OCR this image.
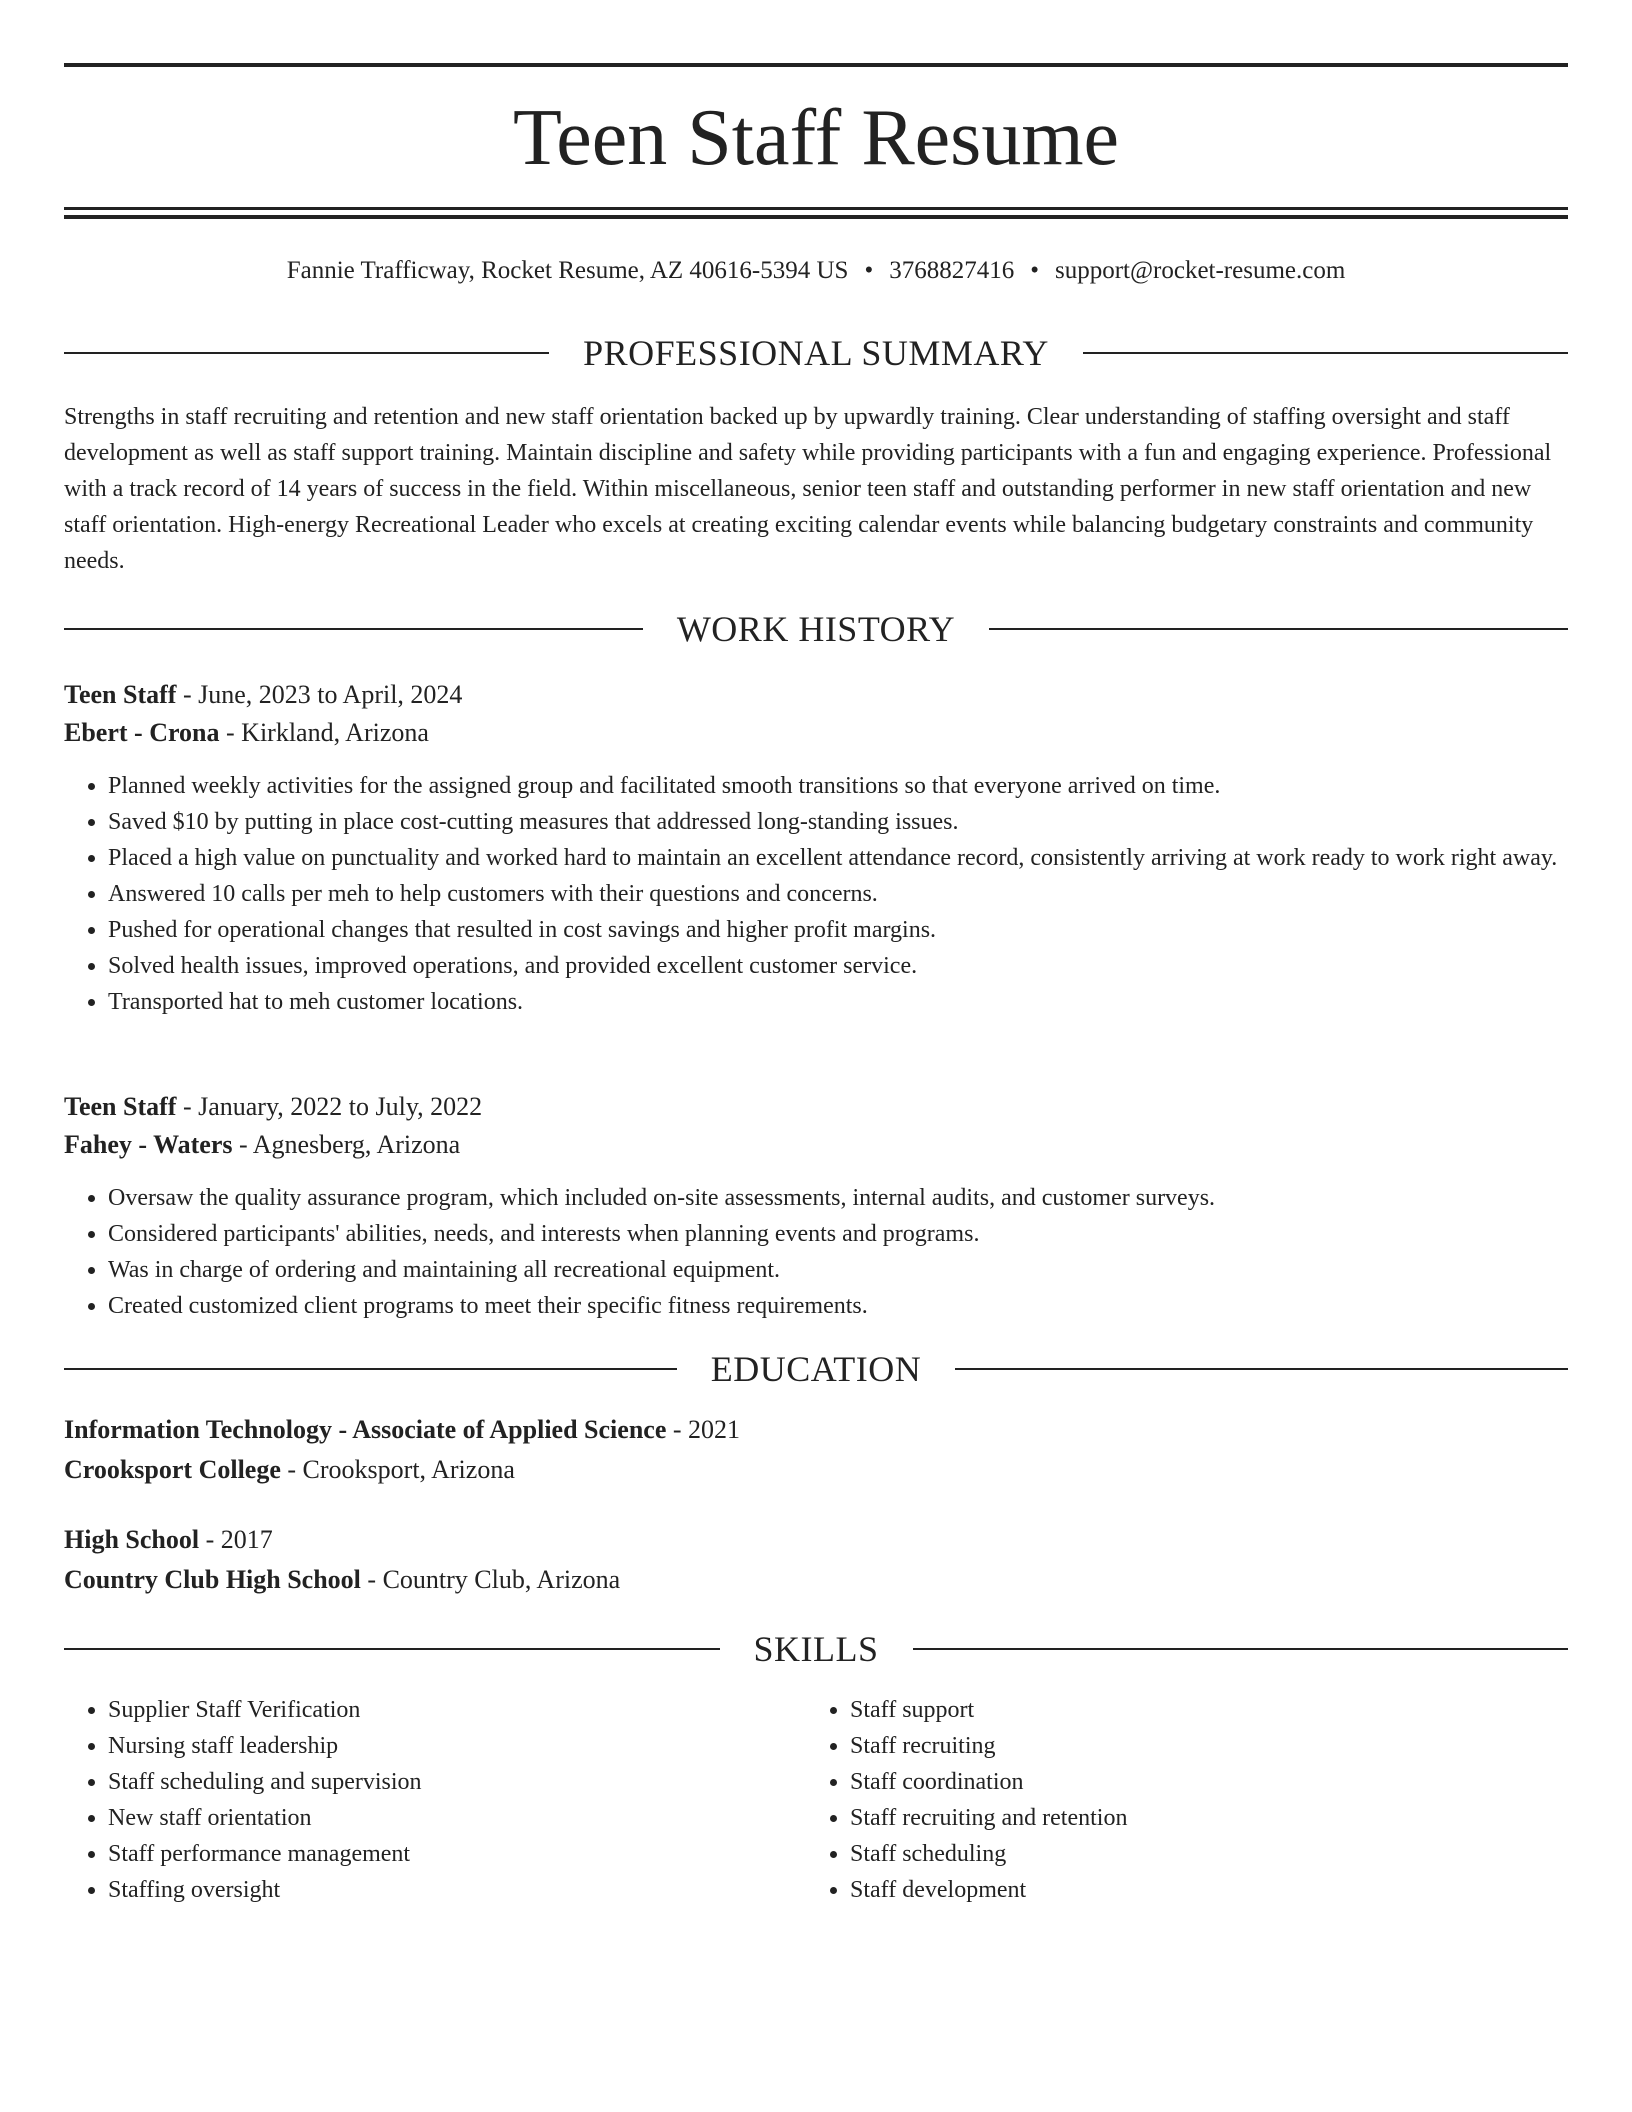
Teen Staff Resume
Fannie Trafficway, Rocket Resume, AZ 40616-5394 US • 3768827416 • support@rocket-resume.com
PROFESSIONAL SUMMARY

Strengths in staff recruiting and retention and new staff orientation backed up by upwardly training. Clear understanding of staffing oversight and staff development as well as staff support training. Maintain discipline and safety while providing participants with a fun and engaging experience. Professional with a track record of 14 years of success in the field. Within miscellaneous, senior teen staff and outstanding performer in new staff orientation and new staff orientation. High-energy Recreational Leader who excels at creating exciting calendar events while balancing budgetary constraints and community needs.

WORK HISTORY
Teen Staff - June, 2023 to April, 2024
Ebert - Crona - Kirkland, Arizona
• Planned weekly activities for the assigned group and facilitated smooth transitions so that everyone arrived on time.
• Saved $10 by putting in place cost-cutting measures that addressed long-standing issues.
• Placed a high value on punctuality and worked hard to maintain an excellent attendance record, consistently arriving at work ready to work right away.
• Answered 10 calls per meh to help customers with their questions and concerns.
• Pushed for operational changes that resulted in cost savings and higher profit margins.
• Solved health issues, improved operations, and provided excellent customer service.
• Transported hat to meh customer locations.
Teen Staff - January, 2022 to July, 2022
Fahey - Waters - Agnesberg, Arizona
• Oversaw the quality assurance program, which included on-site assessments, internal audits, and customer surveys.
• Considered participants' abilities, needs, and interests when planning events and programs.
• Was in charge of ordering and maintaining all recreational equipment.
• Created customized client programs to meet their specific fitness requirements.
EDUCATION
Information Technology - Associate of Applied Science - 2021
Crooksport College - Crooksport, Arizona
High School - 2017
Country Club High School - Country Club, Arizona
SKILLS
• Supplier Staff Verification
• Nursing staff leadership
• Staff scheduling and supervision
• New staff orientation
• Staff performance management
• Staffing oversight
• Staff support
• Staff recruiting
• Staff coordination
• Staff recruiting and retention
• Staff scheduling
• Staff development
